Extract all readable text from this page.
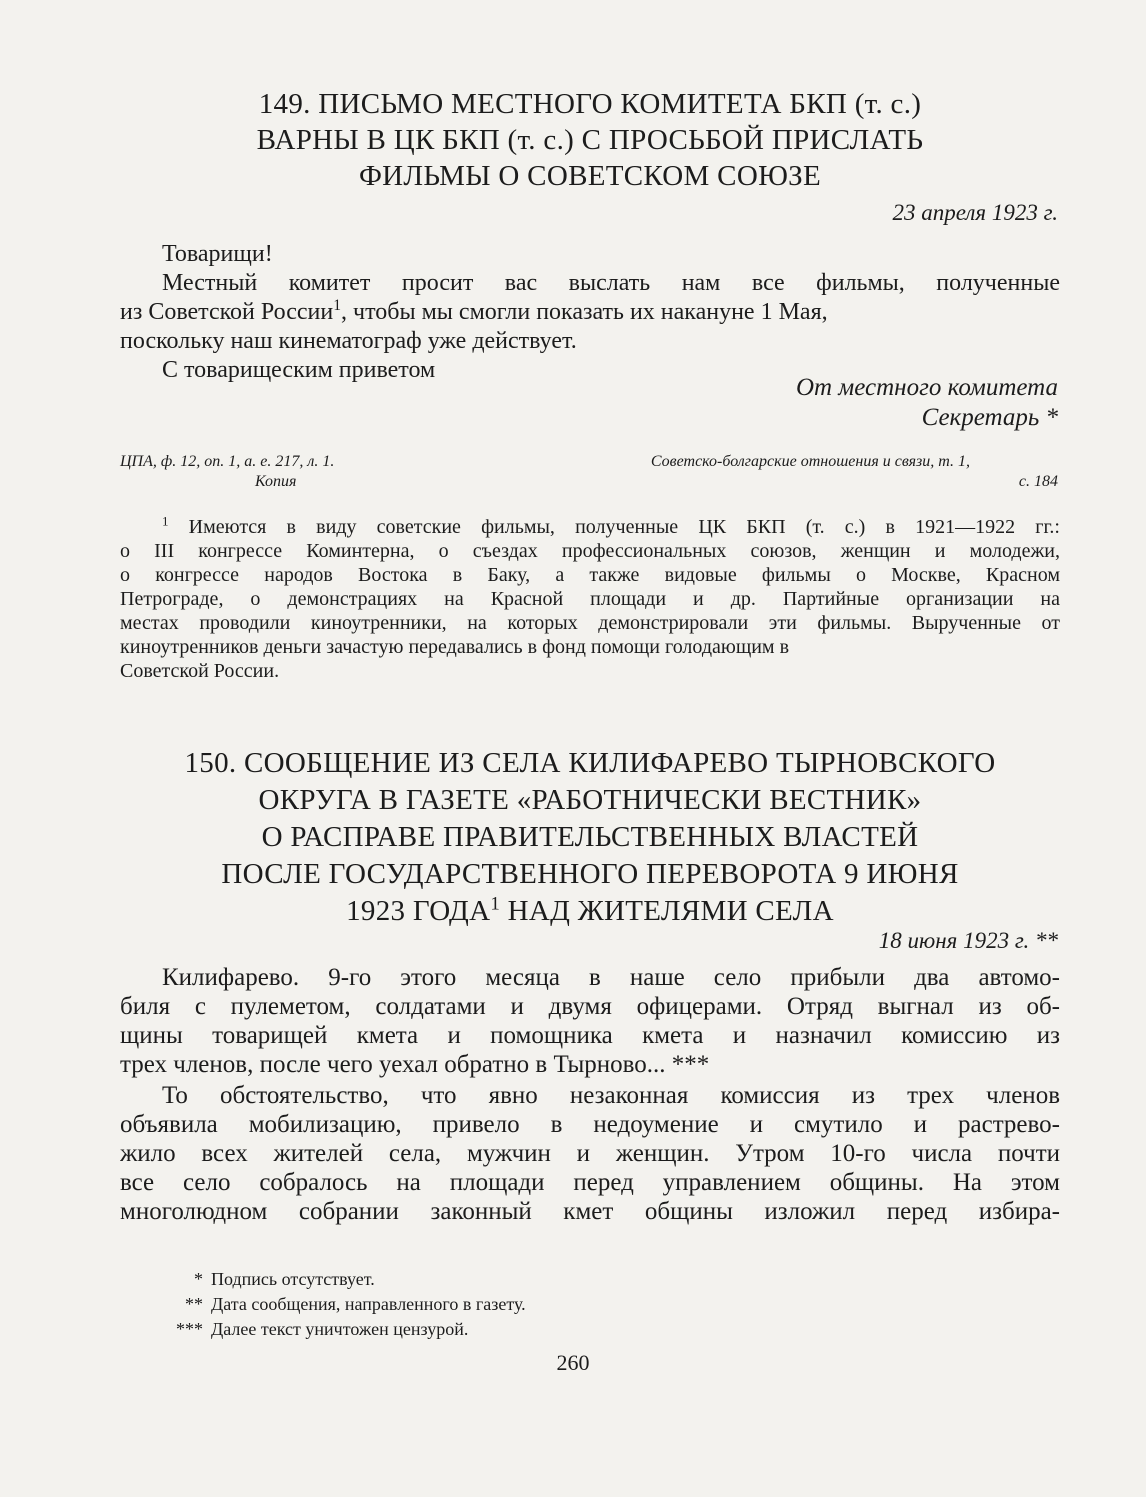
149. ПИСЬМО МЕСТНОГО КОМИТЕТА БКП (т. с.)
ВАРНЫ В ЦК БКП (т. с.) С ПРОСЬБОЙ ПРИСЛАТЬ
ФИЛЬМЫ О СОВЕТСКОМ СОЮЗЕ
23 апреля 1923 г.
Товарищи!
Местный комитет просит вас выслать нам все фильмы, полученные
из Советской России$^1$, чтобы мы смогли показать их накануне 1 Мая,
поскольку наш кинематограф уже действует.
С товарищеским приветом
От местного комитета
Секретарь *
ЦПА, ф. 12, оп. 1, а. е. 217, л. 1.
Копия
Советско-болгарские отношения и связи, т. 1,
с. 184
$^1$ Имеются в виду советские фильмы, полученные ЦК БКП (т. с.) в 1921—1922 гг.:
о III конгрессе Коминтерна, о съездах профессиональных союзов, женщин и молодежи,
о конгрессе народов Востока в Баку, а также видовые фильмы о Москве, Красном
Петрограде, о демонстрациях на Красной площади и др. Партийные организации на
местах проводили киноутренники, на которых демонстрировали эти фильмы. Вырученные от киноутренников деньги зачастую передавались в фонд помощи голодающим в
Советской России.
150. СООБЩЕНИЕ ИЗ СЕЛА КИЛИФАРЕВО ТЫРНОВСКОГО
ОКРУГА В ГАЗЕТЕ «РАБОТНИЧЕСКИ ВЕСТНИК»
О РАСПРАВЕ ПРАВИТЕЛЬСТВЕННЫХ ВЛАСТЕЙ
ПОСЛЕ ГОСУДАРСТВЕННОГО ПЕРЕВОРОТА 9 ИЮНЯ
1923 ГОДА$^1$ НАД ЖИТЕЛЯМИ СЕЛА
18 июня 1923 г. **
Килифарево. 9-го этого месяца в наше село прибыли два автомо-
биля с пулеметом, солдатами и двумя офицерами. Отряд выгнал из об-
щины товарищей кмета и помощника кмета и назначил комиссию из
трех членов, после чего уехал обратно в Тырново... ***
То обстоятельство, что явно незаконная комиссия из трех членов
объявила мобилизацию, привело в недоумение и смутило и растрево-
жило всех жителей села, мужчин и женщин. Утром 10-го числа почти
все село собралось на площади перед управлением общины. На этом
многолюдном собрании законный кмет общины изложил перед избира-
* Подпись отсутствует.
** Дата сообщения, направленного в газету.
*** Далее текст уничтожен цензурой.
260
